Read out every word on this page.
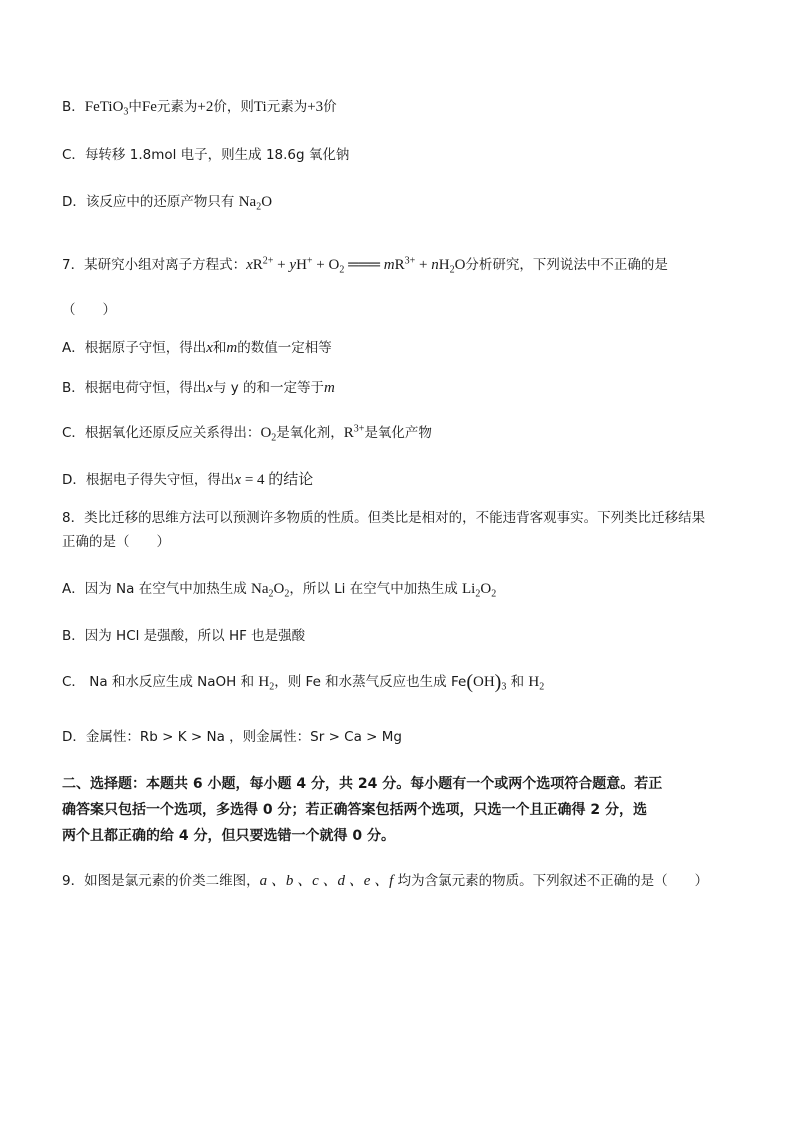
B．FeTiO$_3$中Fe元素为+2价，则Ti元素为+3价
C．每转移 1.8mol 电子，则生成 18.6g 氧化钠
D．该反应中的还原产物只有 $Na_2O$
7．某研究小组对离子方程式：$xR^{2+} + yH^+ + O_2$ ═══ $mR^{3+} + nH_2O$分析研究，下列说法中不正确的是
（　　）
A．根据原子守恒，得出x和m的数值一定相等
B．根据电荷守恒，得出x与 y 的和一定等于m
C．根据氧化还原反应关系得出：$O_2$是氧化剂，$R^{3+}$是氧化产物
D．根据电子得失守恒，得出x = 4 的结论
8．类比迁移的思维方法可以预测许多物质的性质。但类比是相对的，不能违背客观事实。下列类比迁移结果
正确的是（　　）
A．因为 Na 在空气中加热生成 $Na_2O_2$，所以 Li 在空气中加热生成 $Li_2O_2$
B．因为 HCl 是强酸，所以 HF 也是强酸
C． Na 和水反应生成 NaOH 和 $H_2$，则 Fe 和水蒸气反应也生成 $Fe(OH)_3$ 和 $H_2$
D．金属性：Rb > K > Na ，则金属性：Sr > Ca > Mg
二、选择题：本题共 6 小题，每小题 4 分，共 24 分。每小题有一个或两个选项符合题意。若正
确答案只包括一个选项，多选得 0 分；若正确答案包括两个选项，只选一个且正确得 2 分，选
两个且都正确的给 4 分，但只要选错一个就得 0 分。
9．如图是氯元素的价类二维图，a 、b 、c 、d 、e 、f 均为含氯元素的物质。下列叙述不正确的是（　　）
